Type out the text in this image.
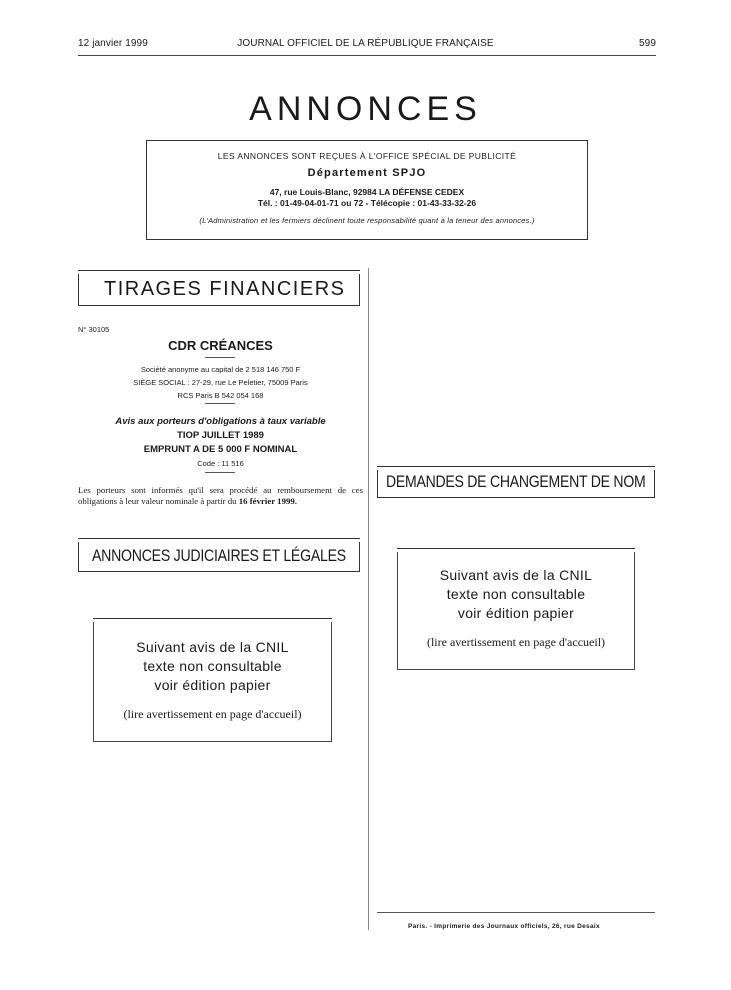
12 janvier 1999	JOURNAL OFFICIEL DE LA RÉPUBLIQUE FRANÇAISE	599
ANNONCES
LES ANNONCES SONT REÇUES À L'OFFICE SPÉCIAL DE PUBLICITÉ
Département SPJO
47, rue Louis-Blanc, 92984 LA DÉFENSE CEDEX
Tél. : 01-49-04-01-71 ou 72 - Télécopie : 01-43-33-32-26
(L'Administration et les fermiers déclinent toute responsabilité quant à la teneur des annonces.)
TIRAGES FINANCIERS
N° 30105
CDR CRÉANCES
Société anonyme au capital de 2 518 146 750 F
SIÈGE SOCIAL : 27-29, rue Le Peletier, 75009 Paris
RCS Paris B 542 054 168
Avis aux porteurs d'obligations à taux variable
TIOP JUILLET 1989
EMPRUNT A DE 5 000 F NOMINAL
Code : 11 516
Les porteurs sont informés qu'il sera procédé au remboursement de ces obligations à leur valeur nominale à partir du 16 février 1999.
ANNONCES JUDICIAIRES ET LÉGALES
Suivant avis de la CNIL
texte non consultable
voir édition papier
(lire avertissement en page d'accueil)
DEMANDES DE CHANGEMENT DE NOM
Suivant avis de la CNIL
texte non consultable
voir édition papier
(lire avertissement en page d'accueil)
Paris. - Imprimerie des Journaux officiels, 26, rue Desaix
